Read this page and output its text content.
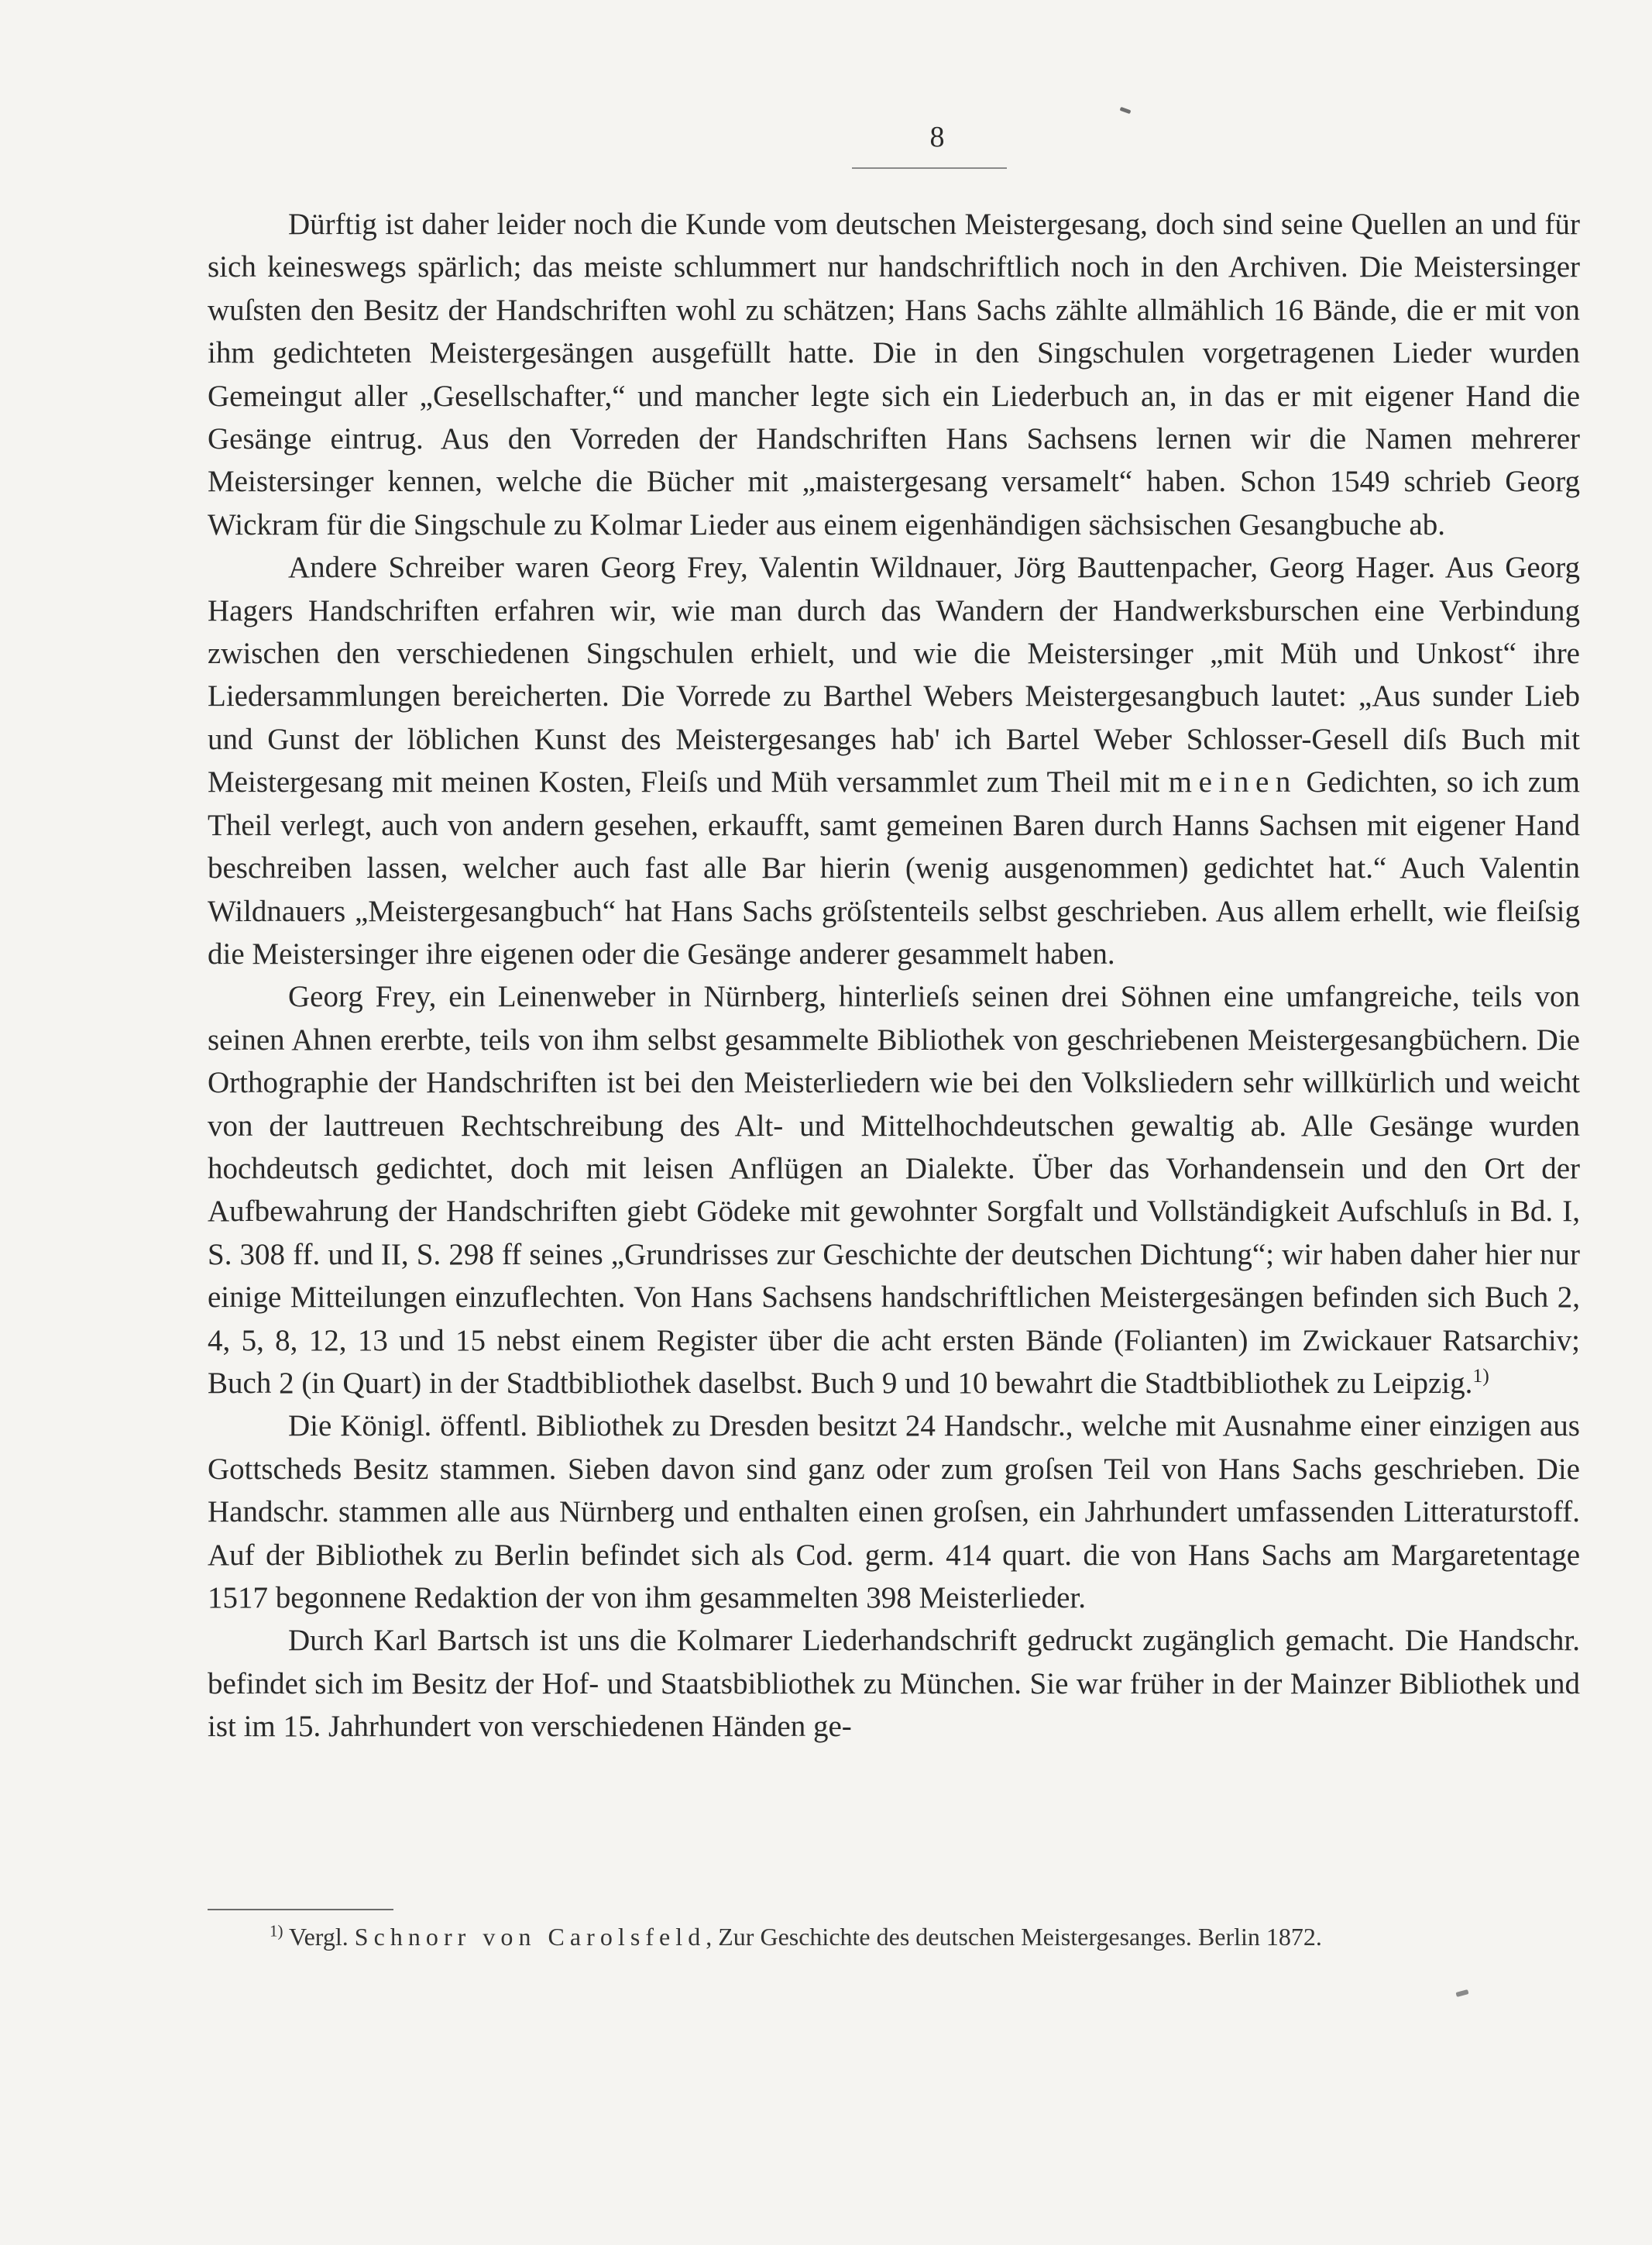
8

Dürftig ist daher leider noch die Kunde vom deutschen Meistergesang, doch sind seine Quellen an und für sich keineswegs spärlich; das meiste schlummert nur handschriftlich noch in den Archiven. Die Meistersinger wuſsten den Besitz der Handschriften wohl zu schätzen; Hans Sachs zählte allmählich 16 Bände, die er mit von ihm gedichteten Meistergesängen ausgefüllt hatte. Die in den Singschulen vorgetragenen Lieder wurden Gemeingut aller „Gesellschafter,“ und mancher legte sich ein Liederbuch an, in das er mit eigener Hand die Gesänge eintrug. Aus den Vorreden der Handschriften Hans Sachsens lernen wir die Namen mehrerer Meistersinger kennen, welche die Bücher mit „maistergesang versamelt“ haben. Schon 1549 schrieb Georg Wickram für die Singschule zu Kolmar Lieder aus einem eigenhändigen sächsischen Gesangbuche ab.

Andere Schreiber waren Georg Frey, Valentin Wildnauer, Jörg Bauttenpacher, Georg Hager. Aus Georg Hagers Handschriften erfahren wir, wie man durch das Wandern der Handwerksburschen eine Verbindung zwischen den verschiedenen Singschulen erhielt, und wie die Meistersinger „mit Müh und Unkost“ ihre Liedersammlungen bereicherten. Die Vorrede zu Barthel Webers Meistergesangbuch lautet: „Aus sunder Lieb und Gunst der löblichen Kunst des Meistergesanges hab' ich Bartel Weber Schlosser-Gesell diſs Buch mit Meistergesang mit meinen Kosten, Fleiſs und Müh versammlet zum Theil mit meinen Gedichten, so ich zum Theil verlegt, auch von andern gesehen, erkaufft, samt gemeinen Baren durch Hanns Sachsen mit eigener Hand beschreiben lassen, welcher auch fast alle Bar hierin (wenig ausgenommen) gedichtet hat.“ Auch Valentin Wildnauers „Meistergesangbuch“ hat Hans Sachs gröſstenteils selbst geschrieben. Aus allem erhellt, wie fleiſsig die Meistersinger ihre eigenen oder die Gesänge anderer gesammelt haben.

Georg Frey, ein Leinenweber in Nürnberg, hinterlieſs seinen drei Söhnen eine umfangreiche, teils von seinen Ahnen ererbte, teils von ihm selbst gesammelte Bibliothek von geschriebenen Meistergesangbüchern. Die Orthographie der Handschriften ist bei den Meisterliedern wie bei den Volksliedern sehr willkürlich und weicht von der lauttreuen Rechtschreibung des Alt- und Mittelhochdeutschen gewaltig ab. Alle Gesänge wurden hochdeutsch gedichtet, doch mit leisen Anflügen an Dialekte. Über das Vorhandensein und den Ort der Aufbewahrung der Handschriften giebt Gödeke mit gewohnter Sorgfalt und Vollständigkeit Aufschluſs in Bd. I, S. 308 ff. und II, S. 298 ff seines „Grundrisses zur Geschichte der deutschen Dichtung“; wir haben daher hier nur einige Mitteilungen einzuflechten. Von Hans Sachsens handschriftlichen Meistergesängen befinden sich Buch 2, 4, 5, 8, 12, 13 und 15 nebst einem Register über die acht ersten Bände (Folianten) im Zwickauer Ratsarchiv; Buch 2 (in Quart) in der Stadtbibliothek daselbst. Buch 9 und 10 bewahrt die Stadtbibliothek zu Leipzig.$^{1)}$

Die Königl. öffentl. Bibliothek zu Dresden besitzt 24 Handschr., welche mit Ausnahme einer einzigen aus Gottscheds Besitz stammen. Sieben davon sind ganz oder zum groſsen Teil von Hans Sachs geschrieben. Die Handschr. stammen alle aus Nürnberg und enthalten einen groſsen, ein Jahrhundert umfassenden Litteraturstoff. Auf der Bibliothek zu Berlin befindet sich als Cod. germ. 414 quart. die von Hans Sachs am Margaretentage 1517 begonnene Redaktion der von ihm gesammelten 398 Meisterlieder.

Durch Karl Bartsch ist uns die Kolmarer Liederhandschrift gedruckt zugänglich gemacht. Die Handschr. befindet sich im Besitz der Hof- und Staatsbibliothek zu München. Sie war früher in der Mainzer Bibliothek und ist im 15. Jahrhundert von verschiedenen Händen ge-

$^{1)}$ Vergl. Schnorr von Carolsfeld, Zur Geschichte des deutschen Meistergesanges. Berlin 1872.
